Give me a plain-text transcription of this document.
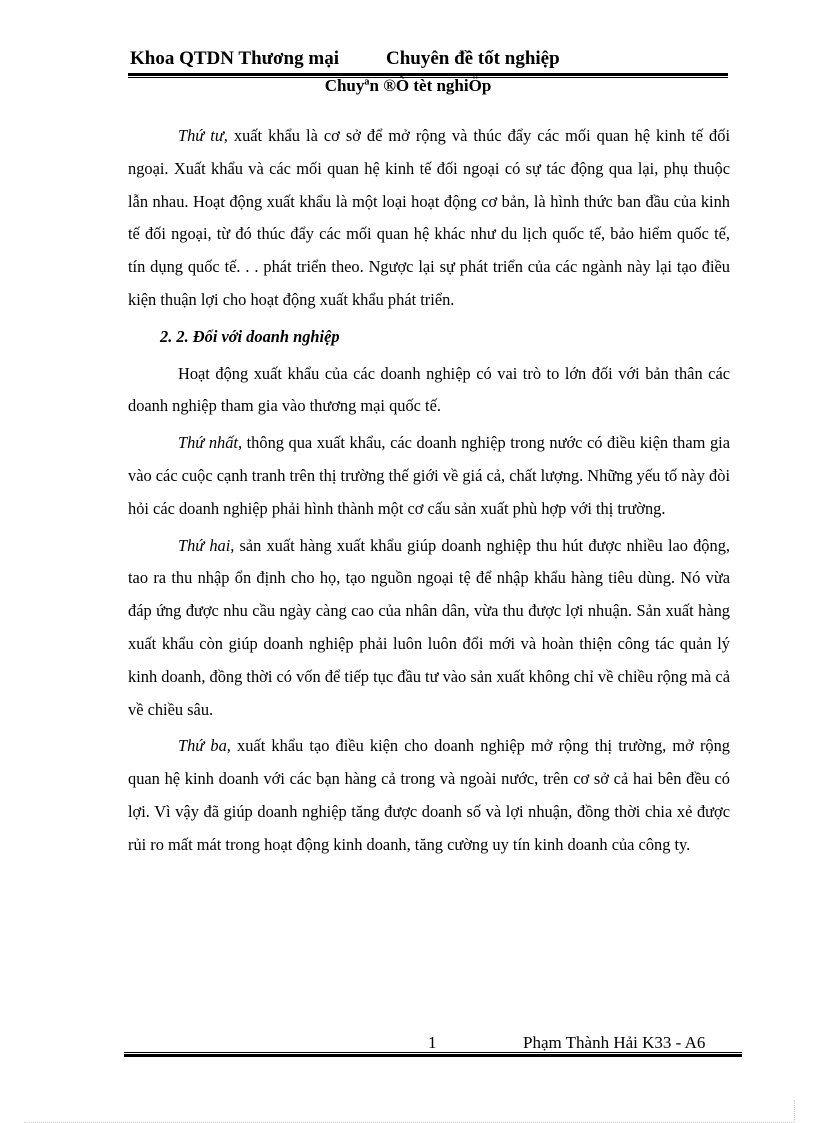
Khoa QTDN Thương mại Chuyên đề tốt nghiệp
Chuyªn ®Ò tèt nghiÖp

Thứ tư, xuất khẩu là cơ sở để mở rộng và thúc đẩy các mối quan hệ kinh tế đối ngoại. Xuất khẩu và các mối quan hệ kinh tế đối ngoại có sự tác động qua lại, phụ thuộc lẫn nhau. Hoạt động xuất khẩu là một loại hoạt động cơ bản, là hình thức ban đầu của kinh tế đối ngoại, từ đó thúc đẩy các mối quan hệ khác như du lịch quốc tế, bảo hiểm quốc tế, tín dụng quốc tế. . . phát triển theo. Ngược lại sự phát triển của các ngành này lại tạo điều kiện thuận lợi cho hoạt động xuất khẩu phát triển.

2. 2. Đối với doanh nghiệp

Hoạt động xuất khẩu của các doanh nghiệp có vai trò to lớn đối với bản thân các doanh nghiệp tham gia vào thương mại quốc tế.

Thứ nhất, thông qua xuất khẩu, các doanh nghiệp trong nước có điều kiện tham gia vào các cuộc cạnh tranh trên thị trường thế giới về giá cả, chất lượng. Những yếu tố này đòi hỏi các doanh nghiệp phải hình thành một cơ cấu sản xuất phù hợp với thị trường.

Thứ hai, sản xuất hàng xuất khẩu giúp doanh nghiệp thu hút được nhiều lao động, tao ra thu nhập ổn định cho họ, tạo nguồn ngoại tệ để nhập khẩu hàng tiêu dùng. Nó vừa đáp ứng được nhu cầu ngày càng cao của nhân dân, vừa thu được lợi nhuận. Sản xuất hàng xuất khẩu còn giúp doanh nghiệp phải luôn luôn đổi mới và hoàn thiện công tác quản lý kinh doanh, đồng thời có vốn để tiếp tục đầu tư vào sản xuất không chỉ về chiều rộng mà cả về chiều sâu.

Thứ ba, xuất khẩu tạo điều kiện cho doanh nghiệp mở rộng thị trường, mở rộng quan hệ kinh doanh với các bạn hàng cả trong và ngoài nước, trên cơ sở cả hai bên đều có lợi. Vì vậy đã giúp doanh nghiệp tăng được doanh số và lợi nhuận, đồng thời chia xẻ được rủi ro mất mát trong hoạt động kinh doanh, tăng cường uy tín kinh doanh của công ty.

1	Phạm Thành Hải K33 - A6
